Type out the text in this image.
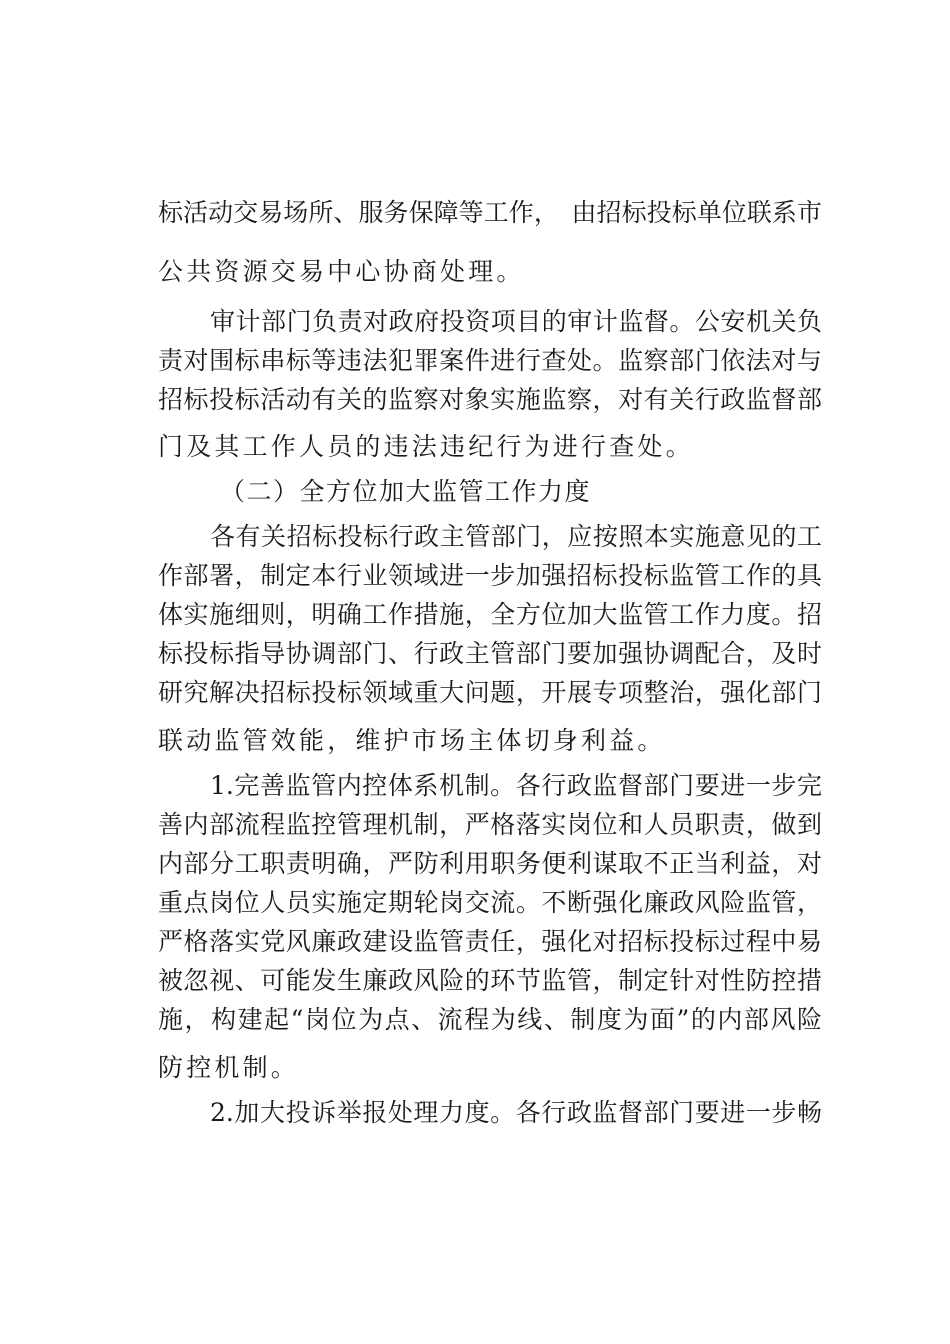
标活动交易场所、服务保障等工作，　由招标投标单位联系市
公共资源交易中心协商处理。
审计部门负责对政府投资项目的审计监督。公安机关负
责对围标串标等违法犯罪案件进行查处。监察部门依法对与
招标投标活动有关的监察对象实施监察，对有关行政监督部
门及其工作人员的违法违纪行为进行查处。
（二）全方位加大监管工作力度
各有关招标投标行政主管部门，应按照本实施意见的工
作部署，制定本行业领域进一步加强招标投标监管工作的具
体实施细则，明确工作措施，全方位加大监管工作力度。招
标投标指导协调部门、行政主管部门要加强协调配合，及时
研究解决招标投标领域重大问题，开展专项整治，强化部门
联动监管效能，维护市场主体切身利益。
1.完善监管内控体系机制。各行政监督部门要进一步完
善内部流程监控管理机制，严格落实岗位和人员职责，做到
内部分工职责明确，严防利用职务便利谋取不正当利益，对
重点岗位人员实施定期轮岗交流。不断强化廉政风险监管，
严格落实党风廉政建设监管责任，强化对招标投标过程中易
被忽视、可能发生廉政风险的环节监管，制定针对性防控措
施，构建起“岗位为点、流程为线、制度为面”的内部风险
防控机制。
2.加大投诉举报处理力度。各行政监督部门要进一步畅
